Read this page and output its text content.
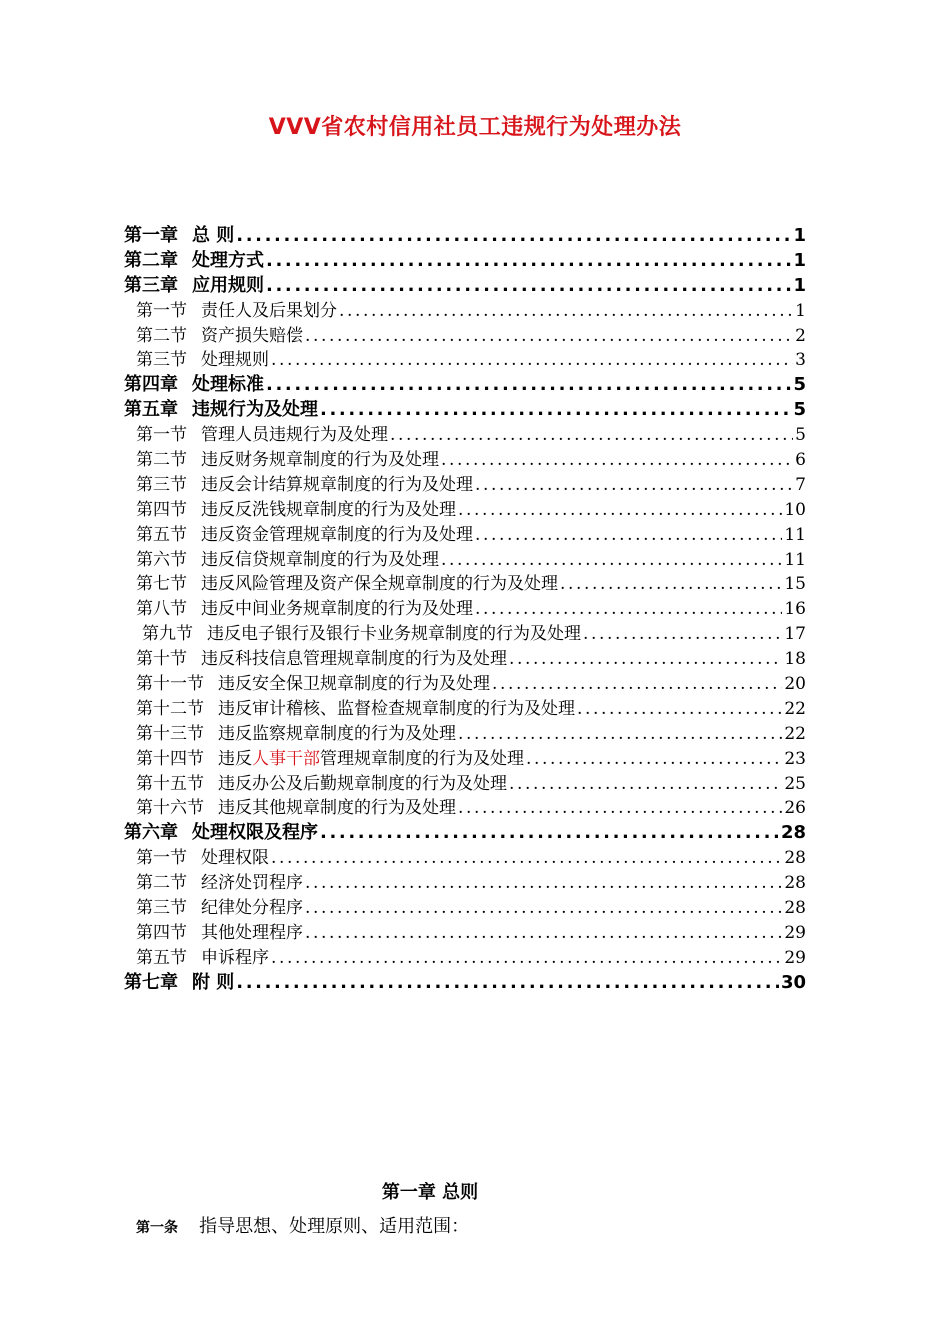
VVV省农村信用社员工违规行为处理办法
第一章 总 则 .....	1
第二章 处理方式 .....	1
第三章 应用规则 .....	1
第一节 责任人及后果划分 .....	1
第二节 资产损失赔偿 .....	2
第三节 处理规则 .....	3
第四章 处理标准 .....	5
第五章 违规行为及处理 .....	5
第一节 管理人员违规行为及处理 .....	5
第二节 违反财务规章制度的行为及处理 .....	6
第三节 违反会计结算规章制度的行为及处理 .....	7
第四节 违反反洗钱规章制度的行为及处理 .....	10
第五节 违反资金管理规章制度的行为及处理 .....	11
第六节 违反信贷规章制度的行为及处理 .....	11
第七节 违反风险管理及资产保全规章制度的行为及处理 .....	15
第八节 违反中间业务规章制度的行为及处理 .....	16
第九节 违反电子银行及银行卡业务规章制度的行为及处理 .....	17
第十节 违反科技信息管理规章制度的行为及处理 .....	18
第十一节 违反安全保卫规章制度的行为及处理 .....	20
第十二节 违反审计稽核、监督检查规章制度的行为及处理 .....	22
第十三节 违反监察规章制度的行为及处理 .....	22
第十四节 违反人事干部管理规章制度的行为及处理 .....	23
第十五节 违反办公及后勤规章制度的行为及处理 .....	25
第十六节 违反其他规章制度的行为及处理 .....	26
第六章 处理权限及程序 .....	28
第一节 处理权限 .....	28
第二节 经济处罚程序 .....	28
第三节 纪律处分程序 .....	28
第四节 其他处理程序 .....	29
第五节 申诉程序 .....	29
第七章 附 则 .....	30
第一章 总则
第一条 指导思想、处理原则、适用范围：
